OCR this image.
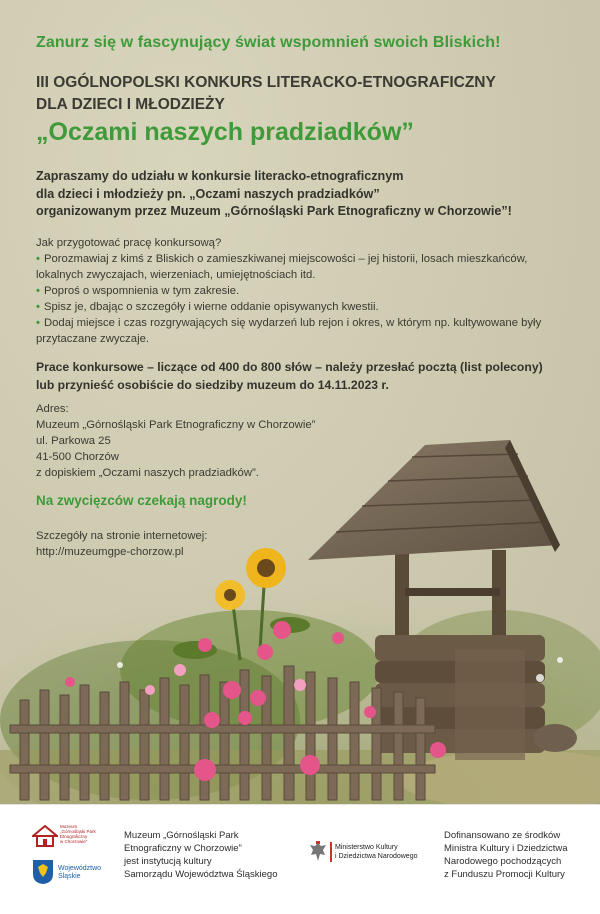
Zanurz się w fascynujący świat wspomnień swoich Bliskich!
III OGÓLNOPOLSKI KONKURS LITERACKO-ETNOGRAFICZNY
DLA DZIECI I MŁODZIEŻY
„Oczami naszych pradziadków”
Zapraszamy do udziału w konkursie literacko-etnograficznym
dla dzieci i młodzieży pn. „Oczami naszych pradziadków”
organizowanym przez Muzeum „Górnośląski Park Etnograficzny w Chorzowie”!
Jak przygotować pracę konkursową?
• Porozmawiaj z kimś z Bliskich o zamieszkiwanej miejscowości – jej historii, losach mieszkańców, lokalnych zwyczajach, wierzeniach, umiejętnościach itd.
• Poproś o wspomnienia w tym zakresie.
• Spisz je, dbając o szczegóły i wierne oddanie opisywanych kwestii.
• Dodaj miejsce i czas rozgrywających się wydarzeń lub rejon i okres, w którym np. kultywowane były przytaczane zwyczaje.
Prace konkursowe – liczące od 400 do 800 słów – należy przesłać pocztą (list polecony)
lub przynieść osobiście do siedziby muzeum do 14.11.2023 r.
Adres:
Muzeum „Górnośląski Park Etnograficzny w Chorzowie”
ul. Parkowa 25
41-500 Chorzów
z dopiskiem „Oczami naszych pradziadków”.
Na zwycięzców czekają nagrody!
Szczegóły na stronie internetowej:
http://muzeumgpe-chorzow.pl
Muzeum
„Górnośląski Park
Etnograficzny
w Chorzowie”
Województwo
Śląskie
Muzeum „Górnośląski Park
Etnograficzny w Chorzowie”
jest instytucją kultury
Samorządu Województwa Śląskiego
Ministerstwo Kultury
i Dziedzictwa Narodowego
Dofinansowano ze środków
Ministra Kultury i Dziedzictwa
Narodowego pochodzących
z Funduszu Promocji Kultury
